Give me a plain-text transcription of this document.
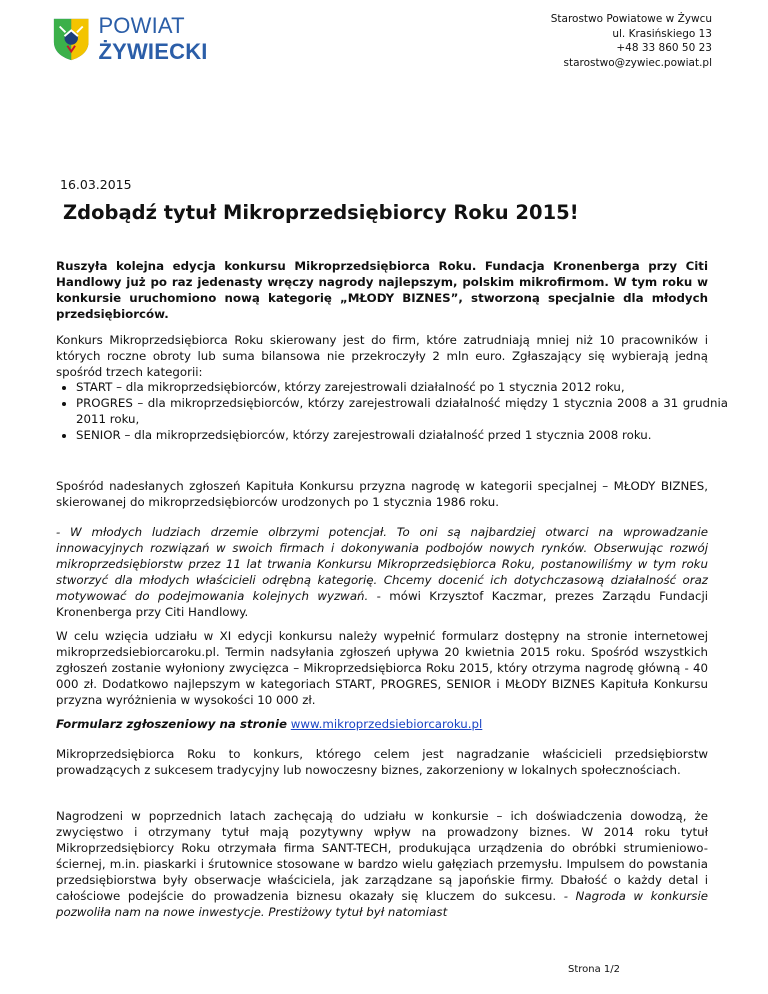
POWIAT ŻYWIECKI
Starostwo Powiatowe w Żywcu
ul. Krasińskiego 13
+48 33 860 50 23
starostwo@zywiec.powiat.pl
16.03.2015
Zdobądź tytuł Mikroprzedsiębiorcy Roku 2015!

Ruszyła kolejna edycja konkursu Mikroprzedsiębiorca Roku. Fundacja Kronenberga przy Citi Handlowy już po raz jedenasty wręczy nagrody najlepszym, polskim mikrofirmom. W tym roku w konkursie uruchomiono nową kategorię „MŁODY BIZNES”, stworzoną specjalnie dla młodych przedsiębiorców.

Konkurs Mikroprzedsiębiorca Roku skierowany jest do firm, które zatrudniają mniej niż 10 pracowników i których roczne obroty lub suma bilansowa nie przekroczyły 2 mln euro. Zgłaszający się wybierają jedną spośród trzech kategorii:

• START – dla mikroprzedsiębiorców, którzy zarejestrowali działalność po 1 stycznia 2012 roku,
• PROGRES – dla mikroprzedsiębiorców, którzy zarejestrowali działalność między 1 stycznia 2008 a 31 grudnia 2011 roku,
• SENIOR – dla mikroprzedsiębiorców, którzy zarejestrowali działalność przed 1 stycznia 2008 roku.

Spośród nadesłanych zgłoszeń Kapituła Konkursu przyzna nagrodę w kategorii specjalnej – MŁODY BIZNES, skierowanej do mikroprzedsiębiorców urodzonych po 1 stycznia 1986 roku.

- W młodych ludziach drzemie olbrzymi potencjał. To oni są najbardziej otwarci na wprowadzanie innowacyjnych rozwiązań w swoich firmach i dokonywania podbojów nowych rynków. Obserwując rozwój mikroprzedsiębiorstw przez 11 lat trwania Konkursu Mikroprzedsiębiorca Roku, postanowiliśmy w tym roku stworzyć dla młodych właścicieli odrębną kategorię. Chcemy docenić ich dotychczasową działalność oraz motywować do podejmowania kolejnych wyzwań. - mówi Krzysztof Kaczmar, prezes Zarządu Fundacji Kronenberga przy Citi Handlowy.

W celu wzięcia udziału w XI edycji konkursu należy wypełnić formularz dostępny na stronie internetowej mikroprzedsiebiorcaroku.pl. Termin nadsyłania zgłoszeń upływa 20 kwietnia 2015 roku. Spośród wszystkich zgłoszeń zostanie wyłoniony zwycięzca – Mikroprzedsiębiorca Roku 2015, który otrzyma nagrodę główną - 40 000 zł. Dodatkowo najlepszym w kategoriach START, PROGRES, SENIOR i MŁODY BIZNES Kapituła Konkursu przyzna wyróżnienia w wysokości 10 000 zł.

Formularz zgłoszeniowy na stronie www.mikroprzedsiebiorcaroku.pl

Mikroprzedsiębiorca Roku to konkurs, którego celem jest nagradzanie właścicieli przedsiębiorstw prowadzących z sukcesem tradycyjny lub nowoczesny biznes, zakorzeniony w lokalnych społecznościach.

Nagrodzeni w poprzednich latach zachęcają do udziału w konkursie – ich doświadczenia dowodzą, że zwycięstwo i otrzymany tytuł mają pozytywny wpływ na prowadzony biznes. W 2014 roku tytuł Mikroprzedsiębiorcy Roku otrzymała firma SANT-TECH, produkująca urządzenia do obróbki strumieniowo-ściernej, m.in. piaskarki i śrutownice stosowane w bardzo wielu gałęziach przemysłu. Impulsem do powstania przedsiębiorstwa były obserwacje właściciela, jak zarządzane są japońskie firmy. Dbałość o każdy detal i całościowe podejście do prowadzenia biznesu okazały się kluczem do sukcesu. - Nagroda w konkursie pozwoliła nam na nowe inwestycje. Prestiżowy tytuł był natomiast

Strona 1/2
